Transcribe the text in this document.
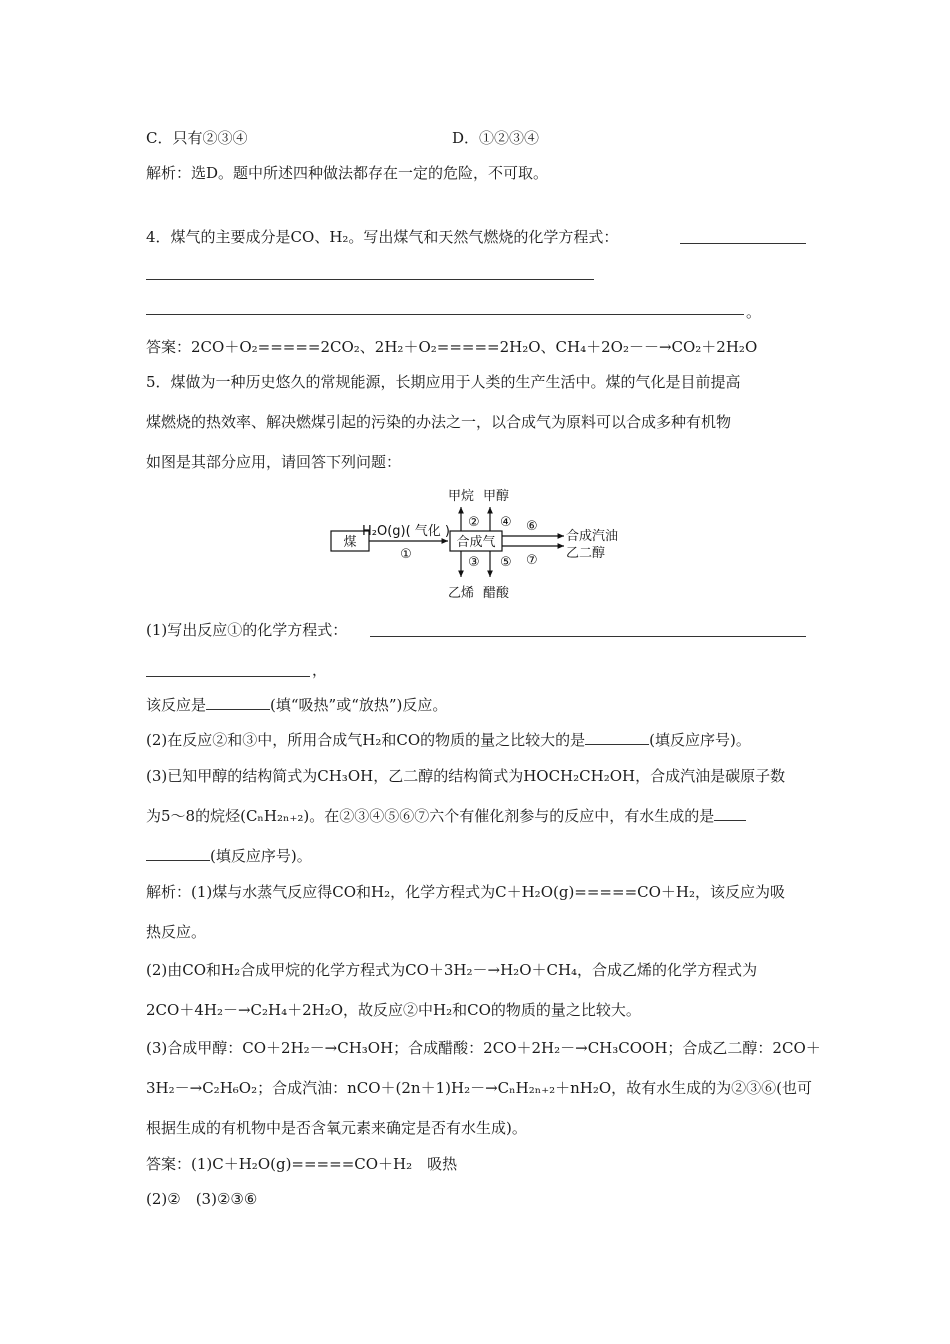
C．只有②③④	D．①②③④
解析：选D。题中所述四种做法都存在一定的危险，不可取。
4．煤气的主要成分是CO、H₂。写出煤气和天然气燃烧的化学方程式：
。
答案：2CO＋O₂=====2CO₂、2H₂＋O₂=====2H₂O、CH₄＋2O₂－－→CO₂＋2H₂O
5．煤做为一种历史悠久的常规能源，长期应用于人类的生产生活中。煤的气化是目前提高
煤燃烧的热效率、解决燃煤引起的污染的办法之一，以合成气为原料可以合成多种有机物
如图是其部分应用，请回答下列问题：
煤
H₂O(g)( 气化 )
①
合成气
甲烷 甲醇
② ④
③ ⑤
乙烯 醋酸
⑥
⑦
合成汽油
乙二醇
(1)写出反应①的化学方程式：
，
该反应是	(填“吸热”或“放热”)反应。
(2)在反应②和③中，所用合成气H₂和CO的物质的量之比较大的是	(填反应序号)。
(3)已知甲醇的结构简式为CH₃OH，乙二醇的结构简式为HOCH₂CH₂OH，合成汽油是碳原子数
为5～8的烷烃(CₙH₂ₙ₊₂)。在②③④⑤⑥⑦六个有催化剂参与的反应中，有水生成的是
(填反应序号)。
解析：(1)煤与水蒸气反应得CO和H₂，化学方程式为C＋H₂O(g)=====CO＋H₂，该反应为吸
热反应。
(2)由CO和H₂合成甲烷的化学方程式为CO＋3H₂－→H₂O＋CH₄，合成乙烯的化学方程式为
2CO＋4H₂－→C₂H₄＋2H₂O，故反应②中H₂和CO的物质的量之比较大。
(3)合成甲醇：CO＋2H₂－→CH₃OH；合成醋酸：2CO＋2H₂－→CH₃COOH；合成乙二醇：2CO＋
3H₂－→C₂H₆O₂；合成汽油：nCO＋(2n＋1)H₂－→CₙH₂ₙ₊₂＋nH₂O，故有水生成的为②③⑥(也可
根据生成的有机物中是否含氧元素来确定是否有水生成)。
答案：(1)C＋H₂O(g)=====CO＋H₂　吸热
(2)②　(3)②③⑥
